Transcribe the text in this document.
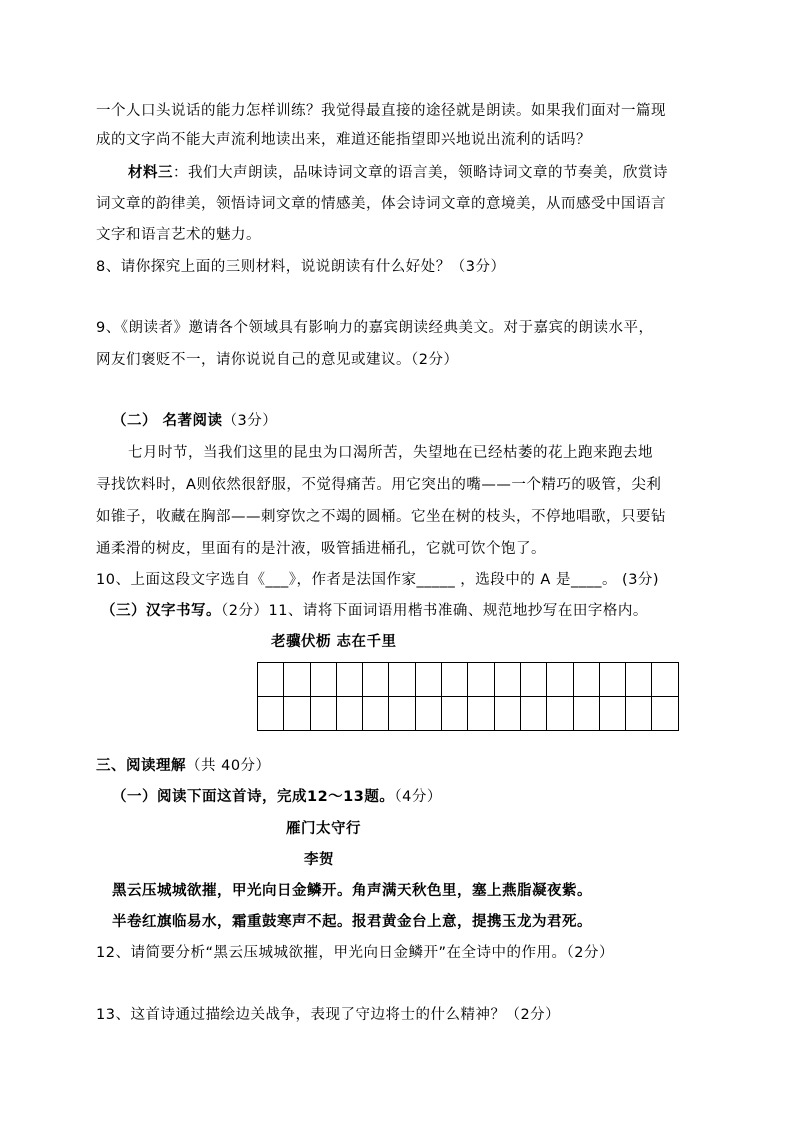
一个人口头说话的能力怎样训练？我觉得最直接的途径就是朗读。如果我们面对一篇现
成的文字尚不能大声流利地读出来，难道还能指望即兴地说出流利的话吗？
材料三：我们大声朗读，品味诗词文章的语言美，领略诗词文章的节奏美，欣赏诗
词文章的韵律美，领悟诗词文章的情感美，体会诗词文章的意境美，从而感受中国语言
文字和语言艺术的魅力。
8、请你探究上面的三则材料，说说朗读有什么好处？（3分）
9、《朗读者》邀请各个领域具有影响力的嘉宾朗读经典美文。对于嘉宾的朗读水平，
网友们褒贬不一，请你说说自己的意见或建议。（2分）
（二） 名著阅读（3分）
七月时节，当我们这里的昆虫为口渴所苦，失望地在已经枯萎的花上跑来跑去地
寻找饮料时，A则依然很舒服，不觉得痛苦。用它突出的嘴——一个精巧的吸管，尖利
如锥子，收藏在胸部——刺穿饮之不竭的圆桶。它坐在树的枝头，不停地唱歌，只要钻
通柔滑的树皮，里面有的是汁液，吸管插进桶孔，它就可饮个饱了。
10、上面这段文字选自《___》，作者是法国作家_____ ，选段中的 A 是____。 (3分)
（三）汉字书写。（2分）11、请将下面词语用楷书准确、规范地抄写在田字格内。
老骥伏枥 志在千里

三、阅读理解（共 40分）
（一）阅读下面这首诗，完成12～13题。（4分）
雁门太守行
李贺
黑云压城城欲摧，甲光向日金鳞开。角声满天秋色里，塞上燕脂凝夜紫。
半卷红旗临易水，霜重鼓寒声不起。报君黄金台上意，提携玉龙为君死。
12、请简要分析“黑云压城城欲摧，甲光向日金鳞开”在全诗中的作用。（2分）
13、这首诗通过描绘边关战争，表现了守边将士的什么精神？（2分）
